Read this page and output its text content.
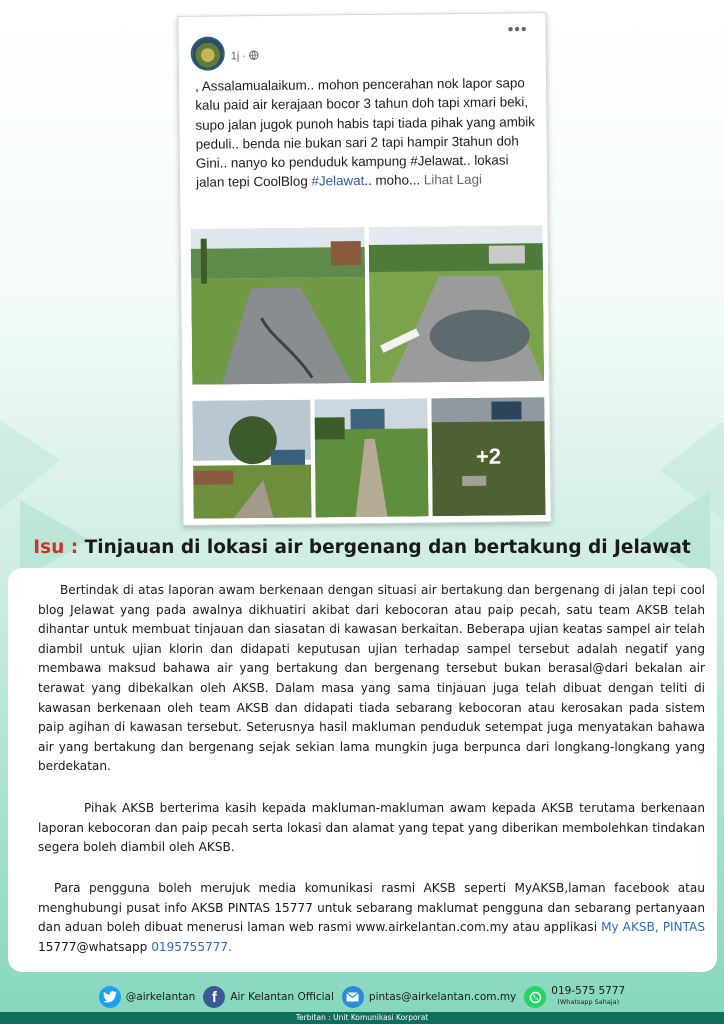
1j ·
•••
, Assalamualaikum.. mohon pencerahan nok lapor sapo kalu paid air kerajaan bocor 3 tahun doh tapi xmari beki, supo jalan jugok punoh habis tapi tiada pihak yang ambik peduli.. benda nie bukan sari 2 tapi hampir 3tahun doh Gini.. nanyo ko penduduk kampung #Jelawat.. lokasi jalan tepi CoolBlog #Jelawat.. moho... Lihat Lagi
+2
Isu : Tinjauan di lokasi air bergenang dan bertakung di Jelawat

Bertindak di atas laporan awam berkenaan dengan situasi air bertakung dan bergenang di jalan tepi cool blog Jelawat yang pada awalnya dikhuatiri akibat dari kebocoran atau paip pecah, satu team AKSB telah dihantar untuk membuat tinjauan dan siasatan di kawasan berkaitan. Beberapa ujian keatas sampel air telah diambil untuk ujian klorin dan didapati keputusan ujian terhadap sampel tersebut adalah negatif yang membawa maksud bahawa air yang bertakung dan bergenang tersebut bukan berasal@dari bekalan air terawat yang dibekalkan oleh AKSB. Dalam masa yang sama tinjauan juga telah dibuat dengan teliti di kawasan berkenaan oleh team AKSB dan didapati tiada sebarang kebocoran atau kerosakan pada sistem paip agihan di kawasan tersebut. Seterusnya hasil makluman penduduk setempat juga menyatakan bahawa air yang bertakung dan bergenang sejak sekian lama mungkin juga berpunca dari longkang-longkang yang berdekatan.

Pihak AKSB berterima kasih kepada makluman-makluman awam kepada AKSB terutama berkenaan laporan kebocoran dan paip pecah serta lokasi dan alamat yang tepat yang diberikan membolehkan tindakan segera boleh diambil oleh AKSB.

Para pengguna boleh merujuk media komunikasi rasmi AKSB seperti MyAKSB,laman facebook atau menghubungi pusat info AKSB PINTAS 15777 untuk sebarang maklumat pengguna dan sebarang pertanyaan dan aduan boleh dibuat menerusi laman web rasmi www.airkelantan.com.my atau applikasi My AKSB, PINTAS 15777@whatsapp 0195755777.

@airkelantan	f	Air Kelantan Official	pintas@airkelantan.com.my	019-575 5777
(Whatsapp Sahaja)
Terbitan : Unit Komunikasi Korporat
